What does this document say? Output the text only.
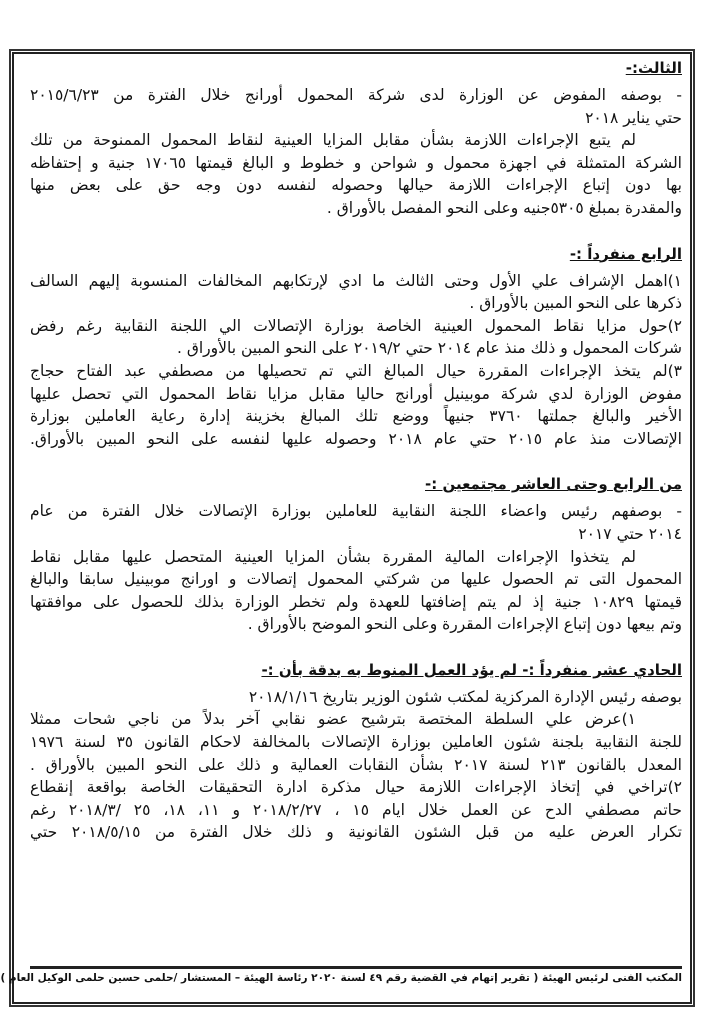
الثالث:-
- بوصفه المفوض عن الوزارة لدى شركة المحمول أورانج خلال الفترة من ٢٠١٥/٦/٢٣
حتي يناير ٢٠١٨
لم يتبع الإجراءات اللازمة بشأن مقابل المزايا العينية لنقاط المحمول الممنوحة من تلك
الشركة المتمثلة في اجهزة محمول و شواحن و خطوط و البالغ قيمتها ١٧٠٦٥ جنية و إحتفاظه
بها دون إتباع الإجراءات اللازمة حيالها وحصوله لنفسه دون وجه حق على بعض منها
والمقدرة بمبلغ ٥٣٠٥جنيه وعلى النحو المفصل بالأوراق .
الرابع منفرداً :-
١)اهمل الإشراف علي الأول وحتى الثالث ما ادي لإرتكابهم المخالفات المنسوبة إليهم السالف
ذكرها على النحو المبين بالأوراق .
٢)حول مزايا نقاط المحمول العينية الخاصة بوزارة الإتصالات الي اللجنة النقابية رغم رفض
شركات المحمول و ذلك منذ عام ٢٠١٤ حتي ٢٠١٩/٢ على النحو المبين بالأوراق .
٣)لم يتخذ الإجراءات المقررة حيال المبالغ التي تم تحصيلها من مصطفي عبد الفتاح حجاج
مفوض الوزارة لدي شركة موبينيل أورانج حاليا مقابل مزايا نقاط المحمول التي تحصل عليها
الأخير والبالغ جملتها ٣٧٦٠ جنيهاً ووضع تلك المبالغ بخزينة إدارة رعاية العاملين بوزارة
الإتصالات منذ عام ٢٠١٥ حتي عام ٢٠١٨ وحصوله عليها لنفسه على النحو المبين بالأوراق.
من الرابع وحتى العاشر مجتمعين :-
- بوصفهم رئيس واعضاء اللجنة النقابية للعاملين بوزارة الإتصالات خلال الفترة من عام
٢٠١٤ حتي ٢٠١٧
لم يتخذوا الإجراءات المالية المقررة بشأن المزايا العينية المتحصل عليها مقابل نقاط
المحمول التى تم الحصول عليها من شركتي المحمول إتصالات و اورانج موبينيل سابقا والبالغ
قيمتها ١٠٨٢٩ جنية إذ لم يتم إضافتها للعهدة ولم تخطر الوزارة بذلك للحصول على موافقتها
وتم بيعها دون إتباع الإجراءات المقررة وعلى النحو الموضح بالأوراق .
الحادي عشر منفرداً :- لم يؤد العمل المنوط به بدقة بأن :-
بوصفه رئيس الإدارة المركزية لمكتب شئون الوزير بتاريخ ٢٠١٨/١/١٦
١)عرض علي السلطة المختصة بترشيح عضو نقابي آخر بدلاً من ناجي شحات ممثلا
للجنة النقابية بلجنة شئون العاملين بوزارة الإتصالات بالمخالفة لاحكام القانون ٣٥ لسنة ١٩٧٦
المعدل بالقانون ٢١٣ لسنة ٢٠١٧ بشأن النقابات العمالية و ذلك على النحو المبين بالأوراق .
٢)تراخي في إتخاذ الإجراءات اللازمة حيال مذكرة ادارة التحقيقات الخاصة بواقعة إنقطاع
حاتم مصطفي الدح عن العمل خلال ايام ١٥ ، ٢٠١٨/٢/٢٧ و ١١، ١٨، ٢٥ /٢٠١٨/٣ رغم
تكرار العرض عليه من قبل الشئون القانونية و ذلك خلال الفترة من ٢٠١٨/٥/١٥ حتي
المكتب الفنى لرئيس الهيئة ( تقرير إتهام في القضية رقم ٤٩ لسنة ٢٠٢٠ رئاسة الهيئة – المستشار /حلمى حسين حلمى الوكيل العام )
